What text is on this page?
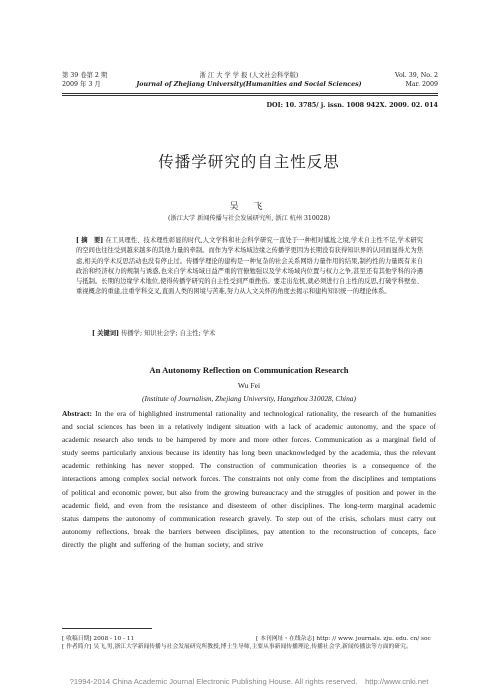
第 39 卷第 2 期
2009 年 3 月
浙 江 大 学 学 报 (人文社会科学版)
Journal of Zhejiang University(Humanities and Social Sciences)
Vol. 39, No. 2
Mar. 2009
DOI: 10. 3785/ j. issn. 1008 942X. 2009. 02. 014
传播学研究的自主性反思
吴 飞
(浙江大学 新闻传播与社会发展研究所, 浙江 杭州 310028)
[ 摘　要] 在工具理性、技术理性彰显的时代,人文学科和社会科学研究一直处于一种相对尴尬之境,学术自主性不足,学术研究的空间也往往受到越来越多的其他力量的牵制。而作为学术场域边缘之传播学更因为长期没有获得知识界的认同而显得尤为焦虑,相关的学术反思活动也没有停止过。传播学理论的建构是一种复杂的社会关系网络力量作用的结果,制约性的力量既有来自政治和经济权力的规制与诱惑,也来自学术场域日益严重的官僚勉强以及学术场域内位置与权力之争,甚至还有其他学科的冷遇与抵制。长期的边缘学术地位,使得传播学研究的自主性受到严重挫伤。要走出危机,就必须进行自主性的反思,打破学科壁垒、重视概念的重建,注重学科交叉,直面人类的困境与苦难,努力从人文关怀的角度去揭示和建构知识统一的理论体系。
[ 关键词] 传播学; 知识社会学; 自主性; 学术
An Autonomy Reflection on Communication Research
Wu Fei
(Institute of Journalism, Zhejiang University, Hangzhou 310028, China)
Abstract: In the era of highlighted instrumental rationality and technological rationality, the research of the humanities and social sciences has been in a relatively indigent situation with a lack of academic autonomy, and the space of academic research also tends to be hampered by more and more other forces. Communication as a marginal field of study seems particularly anxious because its identity has long been unacknowledged by the academia, thus the relevant academic rethinking has never stopped. The construction of communication theories is a consequence of the interactions among complex social network forces. The constraints not only come from the disciplines and temptations of political and economic power, but also from the growing bureaucracy and the struggles of position and power in the academic field, and even from the resistance and disesteem of other disciplines. The long-term marginal academic status dampens the autonomy of communication research gravely. To step out of the crisis, scholars must carry out autonomy reflections, break the barriers between disciplines, pay attention to the reconstruction of concepts, face directly the plight and suffering of the human society, and strive
[ 收稿日期] 2008 - 10 - 11	[ 本刊网址・在线杂志] http: // www. journals. zju. edu. cn/ soc
[ 作者简介] 吴飞,男,浙江大学新闻传播与社会发展研究所教授,博士生导师,主要从事新闻传播理论,传播社会学,新闻传播法等方面的研究。
?1994-2014 China Academic Journal Electronic Publishing House. All rights reserved.　http://www.cnki.net
